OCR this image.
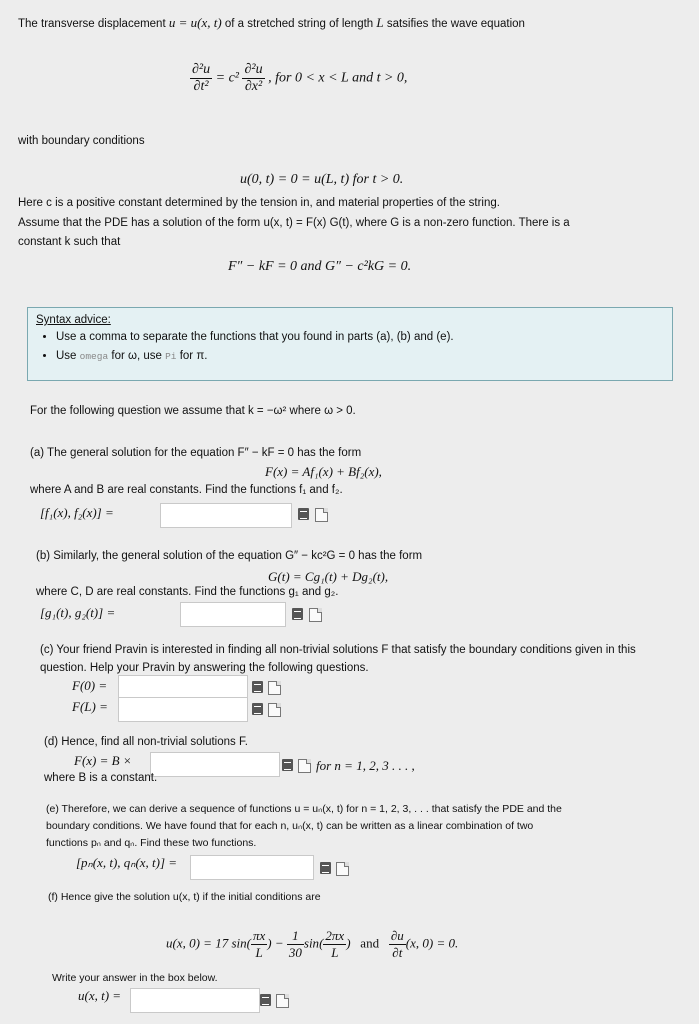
The transverse displacement u = u(x, t) of a stretched string of length L satsifies the wave equation
$\frac{\text{∂²u}}{\text{∂t²}} = c^2 \frac{\text{∂²u}}{\text{∂x²}}$ , for 0 < x < L and t > 0,
with boundary conditions
u(0, t) = 0 = u(L, t) for t > 0.
Here c is a positive constant determined by the tension in, and material properties of the string.
Assume that the PDE has a solution of the form u(x, t) = F(x) G(t), where G is a non-zero function. There is a
constant k such that
F″ − kF = 0 and G″ − c²kG = 0.
Syntax advice:
• Use a comma to separate the functions that you found in parts (a), (b) and (e).
• Use omega for ω, use Pi for π.
For the following question we assume that k = −ω² where ω > 0.
(a) The general solution for the equation F″ − kF = 0 has the form
F(x) = Af₁(x) + Bf₂(x),
where A and B are real constants. Find the functions f₁ and f₂.
[f₁(x), f₂(x)] =
(b) Similarly, the general solution of the equation G″ − kc²G = 0 has the form
G(t) = Cg₁(t) + Dg₂(t),
where C, D are real constants. Find the functions g₁ and g₂.
[g₁(t), g₂(t)] =
(c) Your friend Pravin is interested in finding all non-trivial solutions F that satisfy the boundary conditions given in this
question. Help your Pravin by answering the following questions.
F(0) =
F(L) =
(d) Hence, find all non-trivial solutions F.
F(x) = B ×	for n = 1, 2, 3 . . . ,
where B is a constant.
(e) Therefore, we can derive a sequence of functions u = uₙ(x, t) for n = 1, 2, 3, . . . that satisfy the PDE and the
boundary conditions. We have found that for each n, uₙ(x, t) can be written as a linear combination of two
functions pₙ and qₙ. Find these two functions.
[pₙ(x, t), qₙ(x, t)] =
(f) Hence give the solution u(x, t) if the initial conditions are
u(x, 0) = 17 $\sin( \frac{\pi x}{L}$ ) − $\frac{1}{30} \sin( \frac{2\pi x}{L}$ )   and $\frac{\partial u}{\partial t} (x$, 0) = 0.
Write your answer in the box below.
u(x, t) =
